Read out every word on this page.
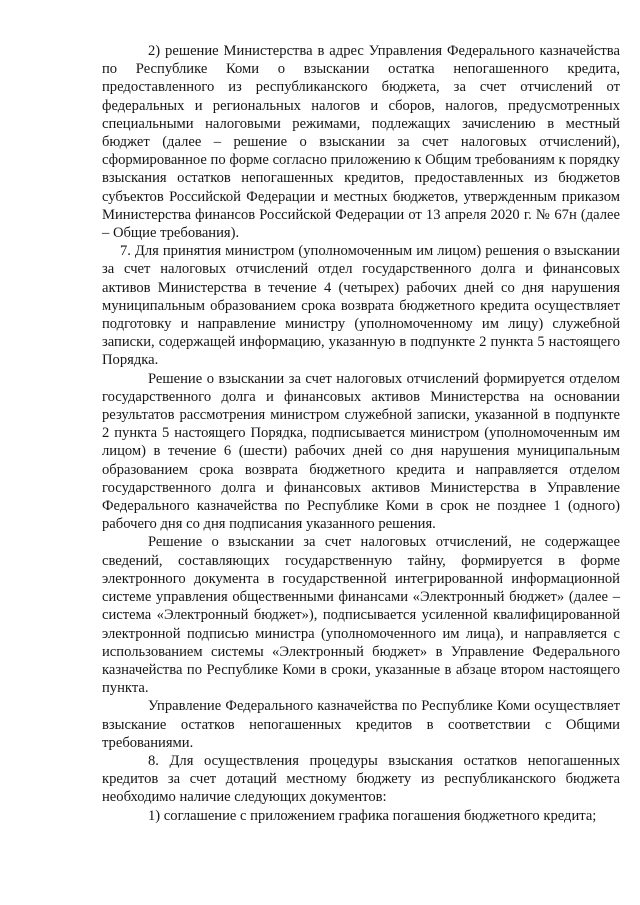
2) решение Министерства в адрес Управления Федерального казначейства по Республике Коми о взыскании остатка непогашенного кредита, предоставленного из республиканского бюджета, за счет отчислений от федеральных и региональных налогов и сборов, налогов, предусмотренных специальными налоговыми режимами, подлежащих зачислению в местный бюджет (далее – решение о взыскании за счет налоговых отчислений), сформированное по форме согласно приложению к Общим требованиям к порядку взыскания остатков непогашенных кредитов, предоставленных из бюджетов субъектов Российской Федерации и местных бюджетов, утвержденным приказом Министерства финансов Российской Федерации от 13 апреля 2020 г. № 67н (далее – Общие требования).

7. Для принятия министром (уполномоченным им лицом) решения о взыскании за счет налоговых отчислений отдел государственного долга и финансовых активов Министерства в течение 4 (четырех) рабочих дней со дня нарушения муниципальным образованием срока возврата бюджетного кредита осуществляет подготовку и направление министру (уполномоченному им лицу) служебной записки, содержащей информацию, указанную в подпункте 2 пункта 5 настоящего Порядка.

Решение о взыскании за счет налоговых отчислений формируется отделом государственного долга и финансовых активов Министерства на основании результатов рассмотрения министром служебной записки, указанной в подпункте 2 пункта 5 настоящего Порядка, подписывается министром (уполномоченным им лицом) в течение 6 (шести) рабочих дней со дня нарушения муниципальным образованием срока возврата бюджетного кредита и направляется отделом государственного долга и финансовых активов Министерства в Управление Федерального казначейства по Республике Коми в срок не позднее 1 (одного) рабочего дня со дня подписания указанного решения.

Решение о взыскании за счет налоговых отчислений, не содержащее сведений, составляющих государственную тайну, формируется в форме электронного документа в государственной интегрированной информационной системе управления общественными финансами «Электронный бюджет» (далее – система «Электронный бюджет»), подписывается усиленной квалифицированной электронной подписью министра (уполномоченного им лица), и направляется с использованием системы «Электронный бюджет» в Управление Федерального казначейства по Республике Коми в сроки, указанные в абзаце втором настоящего пункта.

Управление Федерального казначейства по Республике Коми осуществляет взыскание остатков непогашенных кредитов в соответствии с Общими требованиями.

8. Для осуществления процедуры взыскания остатков непогашенных кредитов за счет дотаций местному бюджету из республиканского бюджета необходимо наличие следующих документов:

1) соглашение с приложением графика погашения бюджетного кредита;
